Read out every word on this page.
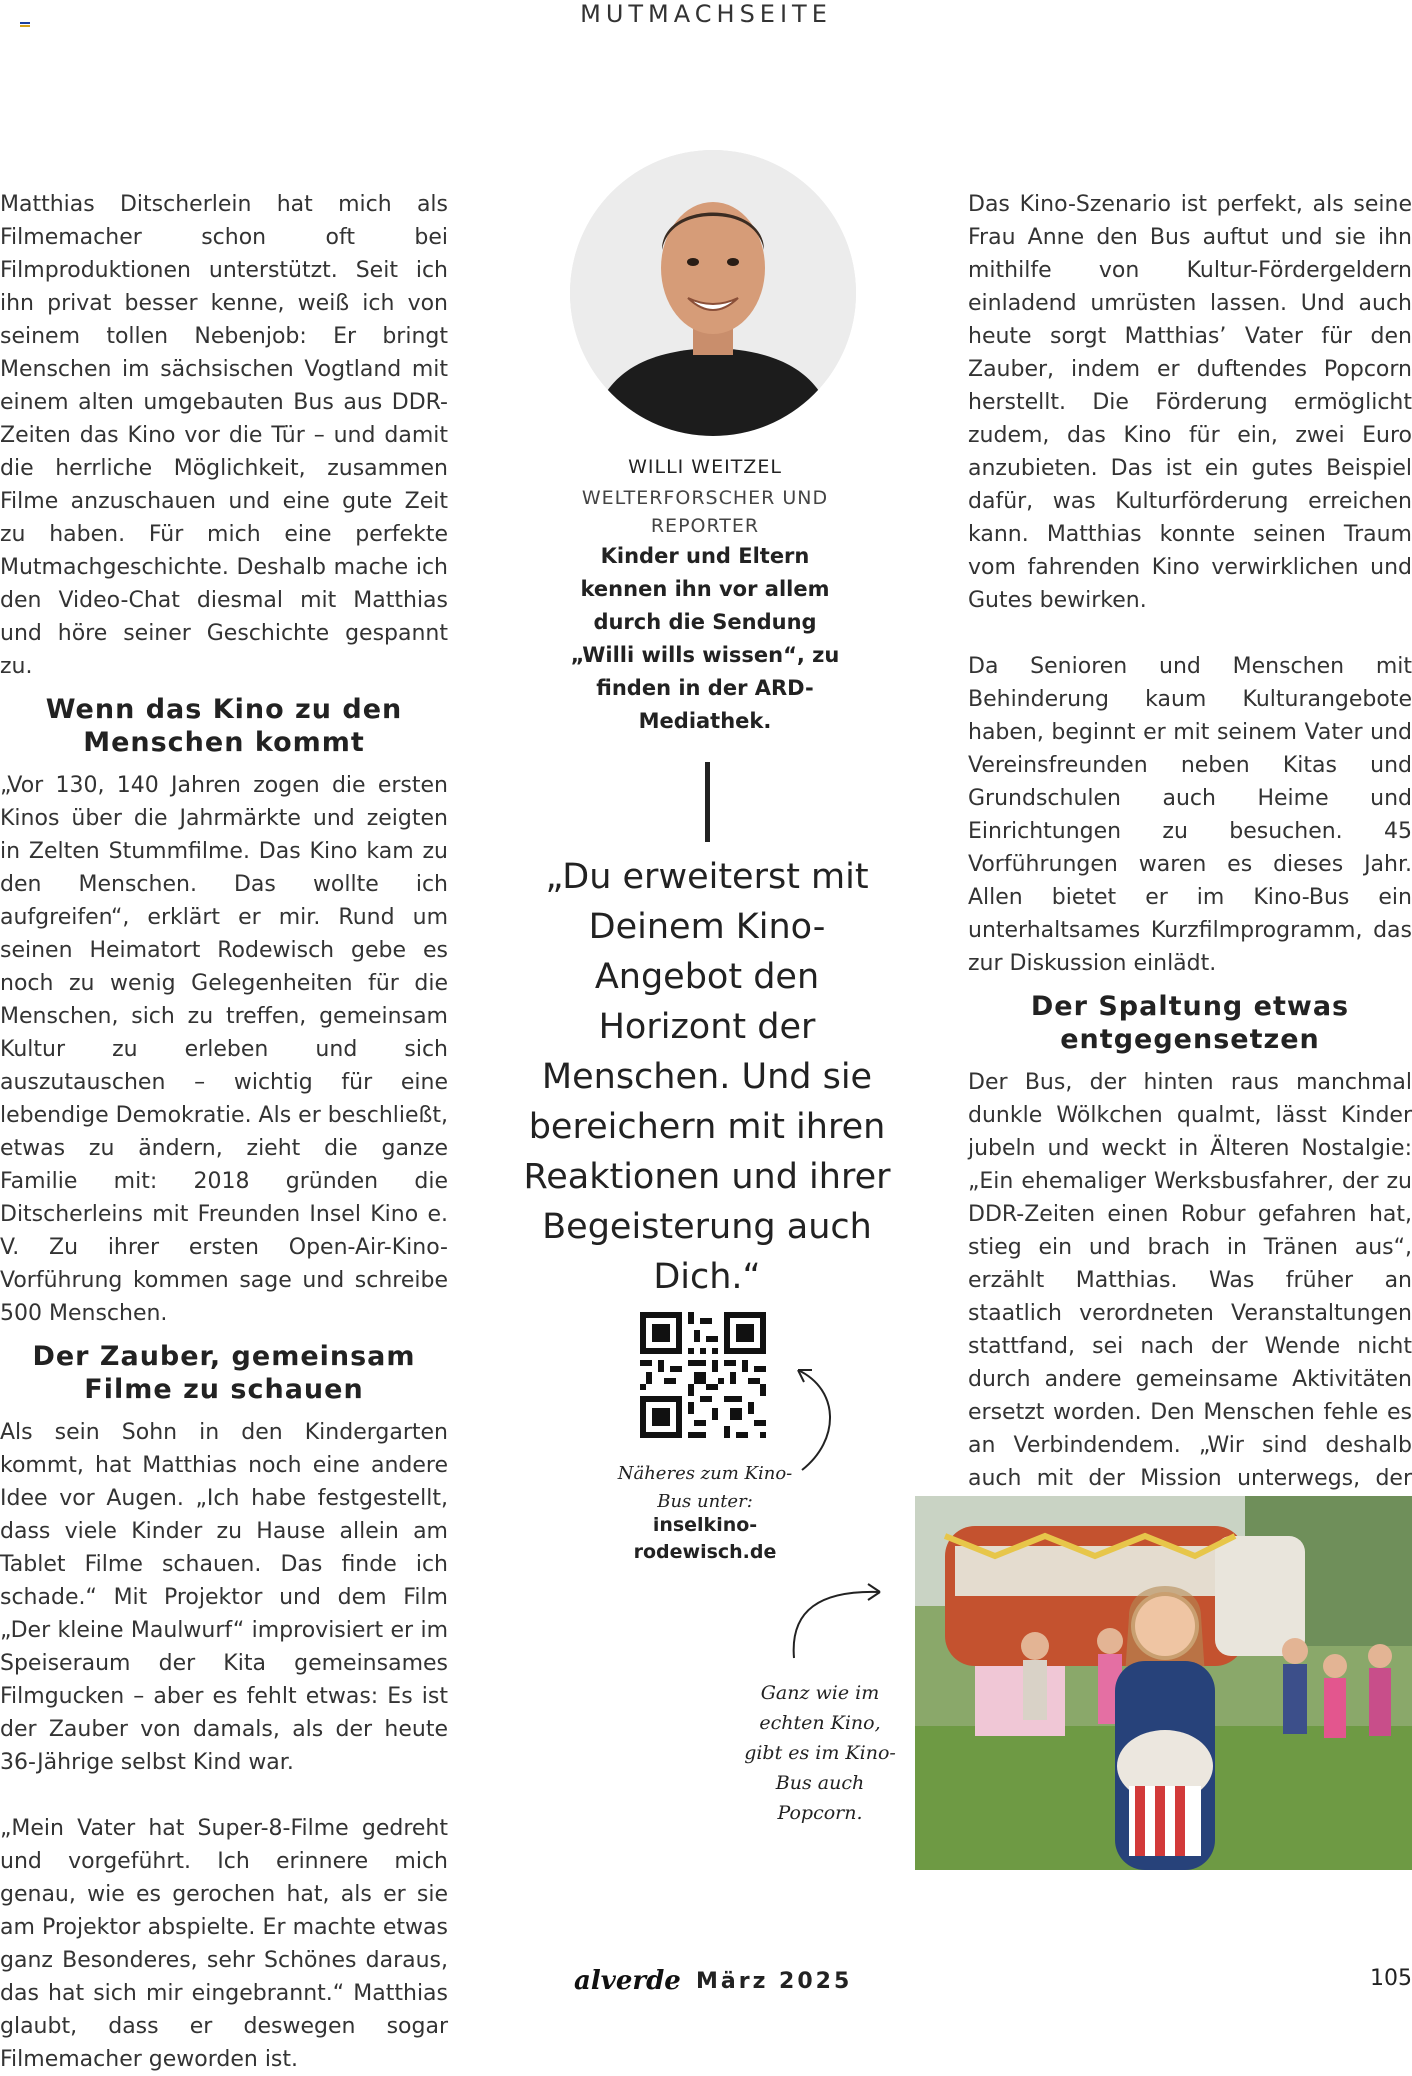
MUTMACHSEITE

Matthias Ditscherlein hat mich als Filmemacher schon oft bei Filmproduktionen unterstützt. Seit ich ihn privat besser kenne, weiß ich von seinem tollen Nebenjob: Er bringt Menschen im sächsischen Vogtland mit einem alten umgebauten Bus aus DDR-Zeiten das Kino vor die Tür – und damit die herrliche Möglichkeit, zusammen Filme anzuschauen und eine gute Zeit zu haben. Für mich eine perfekte Mutmachgeschichte. Deshalb mache ich den Video-Chat diesmal mit Matthias und höre seiner Geschichte gespannt zu.

Wenn das Kino zu den Menschen kommt

„Vor 130, 140 Jahren zogen die ersten Kinos über die Jahrmärkte und zeigten in Zelten Stummfilme. Das Kino kam zu den Menschen. Das wollte ich aufgreifen“, erklärt er mir. Rund um seinen Heimatort Rodewisch gebe es noch zu wenig Gelegenheiten für die Menschen, sich zu treffen, gemeinsam Kultur zu erleben und sich auszutauschen – wichtig für eine lebendige Demokratie. Als er beschließt, etwas zu ändern, zieht die ganze Familie mit: 2018 gründen die Ditscherleins mit Freunden Insel Kino e. V. Zu ihrer ersten Open-Air-Kino-Vorführung kommen sage und schreibe 500 Menschen.

Der Zauber, gemeinsam Filme zu schauen

Als sein Sohn in den Kindergarten kommt, hat Matthias noch eine andere Idee vor Augen. „Ich habe festgestellt, dass viele Kinder zu Hause allein am Tablet Filme schauen. Das finde ich schade.“ Mit Projektor und dem Film „Der kleine Maulwurf“ improvisiert er im Speiseraum der Kita gemeinsames Filmgucken – aber es fehlt etwas: Es ist der Zauber von damals, als der heute 36-Jährige selbst Kind war.

„Mein Vater hat Super-8-Filme gedreht und vorgeführt. Ich erinnere mich genau, wie es gerochen hat, als er sie am Projektor abspielte. Er machte etwas ganz Besonderes, sehr Schönes daraus, das hat sich mir eingebrannt.“ Matthias glaubt, dass er deswegen sogar Filmemacher geworden ist.

WILLI WEITZEL
WELTERFORSCHER UND REPORTER
Kinder und Eltern kennen ihn vor allem durch die Sendung „Willi wills wissen“, zu finden in der ARD-Mediathek.
„Du erweiterst mit Deinem Kino-Angebot den Horizont der Menschen. Und sie bereichern mit ihren Reaktionen und ihrer Begeisterung auch Dich.“
Näheres zum Kino-Bus unter:
inselkino-rodewisch.de
Ganz wie im echten Kino, gibt es im Kino-Bus auch Popcorn.

Das Kino-Szenario ist perfekt, als seine Frau Anne den Bus auftut und sie ihn mithilfe von Kultur-Fördergeldern einladend umrüsten lassen. Und auch heute sorgt Matthias’ Vater für den Zauber, indem er duftendes Popcorn herstellt. Die Förderung ermöglicht zudem, das Kino für ein, zwei Euro anzubieten. Das ist ein gutes Beispiel dafür, was Kulturförderung erreichen kann. Matthias konnte seinen Traum vom fahrenden Kino verwirklichen und Gutes bewirken.

Da Senioren und Menschen mit Behinderung kaum Kulturangebote haben, beginnt er mit seinem Vater und Vereinsfreunden neben Kitas und Grundschulen auch Heime und Einrichtungen zu besuchen. 45 Vorführungen waren es dieses Jahr. Allen bietet er im Kino-Bus ein unterhaltsames Kurzfilmprogramm, das zur Diskussion einlädt.

Der Spaltung etwas entgegensetzen

Der Bus, der hinten raus manchmal dunkle Wölkchen qualmt, lässt Kinder jubeln und weckt in Älteren Nostalgie: „Ein ehemaliger Werksbusfahrer, der zu DDR-Zeiten einen Robur gefahren hat, stieg ein und brach in Tränen aus“, erzählt Matthias. Was früher an staatlich verordneten Veranstaltungen stattfand, sei nach der Wende nicht durch andere gemeinsame Aktivitäten ersetzt worden. Den Menschen fehle es an Verbindendem. „Wir sind deshalb auch mit der Mission unterwegs, der

alverde März 2025	105
